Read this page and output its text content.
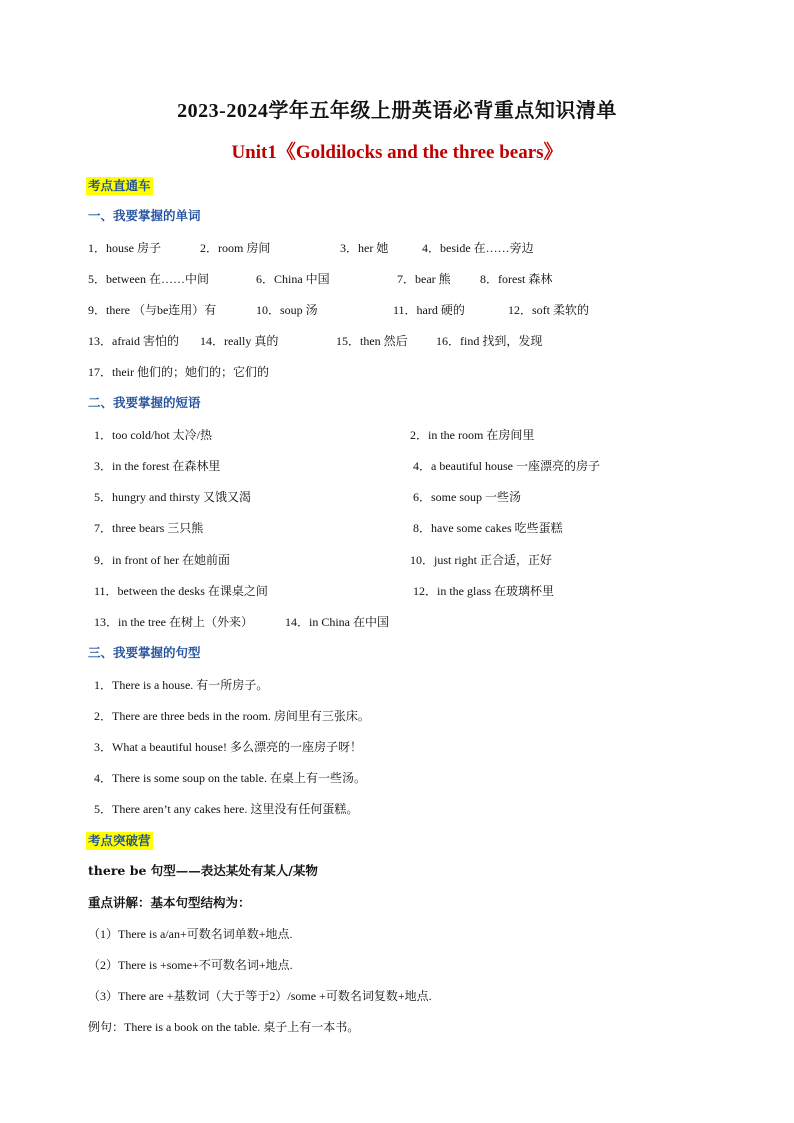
2023-2024学年五年级上册英语必背重点知识清单
Unit1《Goldilocks and the three bears》
考点直通车
一、我要掌握的单词
1．house 房子	2．room 房间	3．her 她	4．beside 在……旁边
5．between 在……中间	6．China 中国	7．bear 熊 8．forest 森林
9．there （与be连用）有	10．soup 汤	11．hard 硬的	12．soft 柔软的
13．afraid 害怕的 14．really 真的	15．then 然后 16．find 找到，发现
17．their 他们的；她们的；它们的
二、我要掌握的短语
1．too cold/hot 太冷/热	2．in the room 在房间里
3．in the forest 在森林里	4．a beautiful house 一座漂亮的房子
5．hungry and thirsty 又饿又渴	6．some soup 一些汤
7．three bears 三只熊	8．have some cakes 吃些蛋糕
9．in front of her 在她前面	10．just right 正合适，正好
11．between the desks 在课桌之间	12．in the glass 在玻璃杯里
13．in the tree 在树上（外来）	14．in China 在中国
三、我要掌握的句型
1．There is a house. 有一所房子。
2．There are three beds in the room. 房间里有三张床。
3．What a beautiful house! 多么漂亮的一座房子呀！
4．There is some soup on the table. 在桌上有一些汤。
5．There aren’t any cakes here. 这里没有任何蛋糕。
考点突破营
there be 句型——表达某处有某人/某物
重点讲解：基本句型结构为：
（1）There is a/an+可数名词单数+地点.
（2）There is +some+不可数名词+地点.
（3）There are +基数词（大于等于2）/some +可数名词复数+地点.
例句：There is a book on the table. 桌子上有一本书。
